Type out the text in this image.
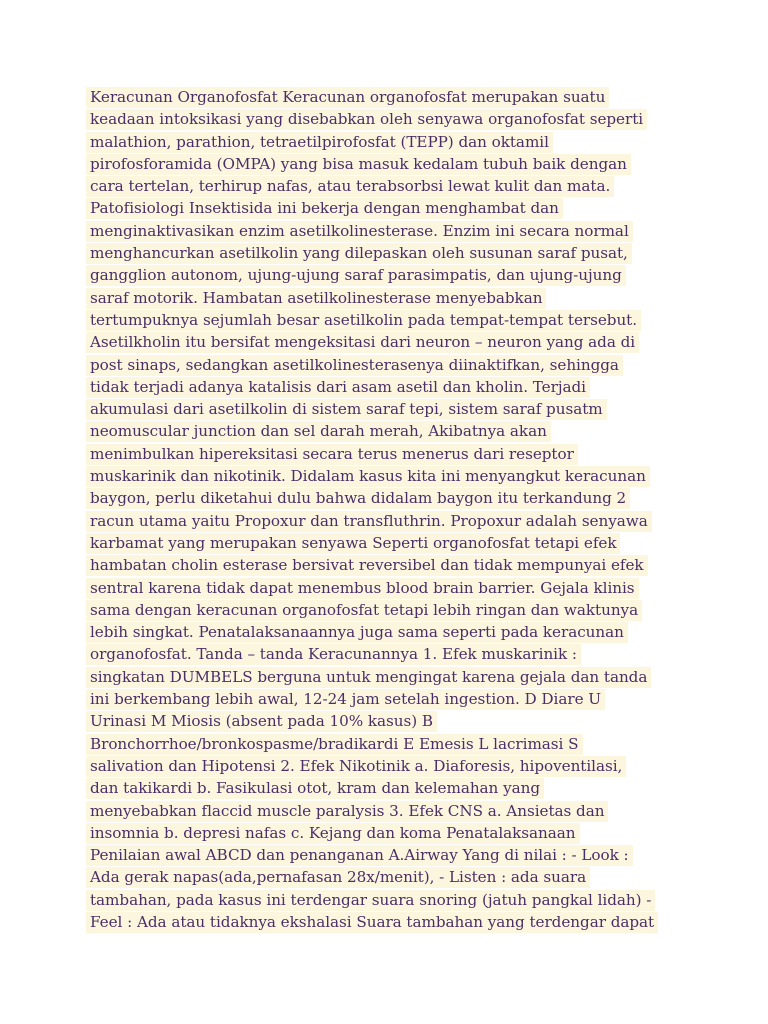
Keracunan Organofosfat Keracunan organofosfat merupakan suatu
keadaan intoksikasi yang disebabkan oleh senyawa organofosfat seperti
malathion, parathion, tetraetilpirofosfat (TEPP) dan oktamil
pirofosforamida (OMPA) yang bisa masuk kedalam tubuh baik dengan
cara tertelan, terhirup nafas, atau terabsorbsi lewat kulit dan mata.
Patofisiologi Insektisida ini bekerja dengan menghambat dan
menginaktivasikan enzim asetilkolinesterase. Enzim ini secara normal
menghancurkan asetilkolin yang dilepaskan oleh susunan saraf pusat,
gangglion autonom, ujung-ujung saraf parasimpatis, dan ujung-ujung
saraf motorik. Hambatan asetilkolinesterase menyebabkan
tertumpuknya sejumlah besar asetilkolin pada tempat-tempat tersebut.
Asetilkholin itu bersifat mengeksitasi dari neuron – neuron yang ada di
post sinaps, sedangkan asetilkolinesterasenya diinaktifkan, sehingga
tidak terjadi adanya katalisis dari asam asetil dan kholin. Terjadi
akumulasi dari asetilkolin di sistem saraf tepi, sistem saraf pusatm
neomuscular junction dan sel darah merah, Akibatnya akan
menimbulkan hipereksitasi secara terus menerus dari reseptor
muskarinik dan nikotinik. Didalam kasus kita ini menyangkut keracunan
baygon, perlu diketahui dulu bahwa didalam baygon itu terkandung 2
racun utama yaitu Propoxur dan transfluthrin. Propoxur adalah senyawa
karbamat yang merupakan senyawa Seperti organofosfat tetapi efek
hambatan cholin esterase bersivat reversibel dan tidak mempunyai efek
sentral karena tidak dapat menembus blood brain barrier. Gejala klinis
sama dengan keracunan organofosfat tetapi lebih ringan dan waktunya
lebih singkat. Penatalaksanaannya juga sama seperti pada keracunan
organofosfat. Tanda – tanda Keracunannya 1. Efek muskarinik :
singkatan DUMBELS berguna untuk mengingat karena gejala dan tanda
ini berkembang lebih awal, 12-24 jam setelah ingestion. D Diare U
Urinasi M Miosis (absent pada 10% kasus) B
Bronchorrhoe/bronkospasme/bradikardi E Emesis L lacrimasi S
salivation dan Hipotensi 2. Efek Nikotinik a. Diaforesis, hipoventilasi,
dan takikardi b. Fasikulasi otot, kram dan kelemahan yang
menyebabkan flaccid muscle paralysis 3. Efek CNS a. Ansietas dan
insomnia b. depresi nafas c. Kejang dan koma Penatalaksanaan
Penilaian awal ABCD dan penanganan A.Airway Yang di nilai : - Look :
Ada gerak napas(ada,pernafasan 28x/menit), - Listen : ada suara
tambahan, pada kasus ini terdengar suara snoring (jatuh pangkal lidah) -
Feel : Ada atau tidaknya ekshalasi Suara tambahan yang terdengar dapat
